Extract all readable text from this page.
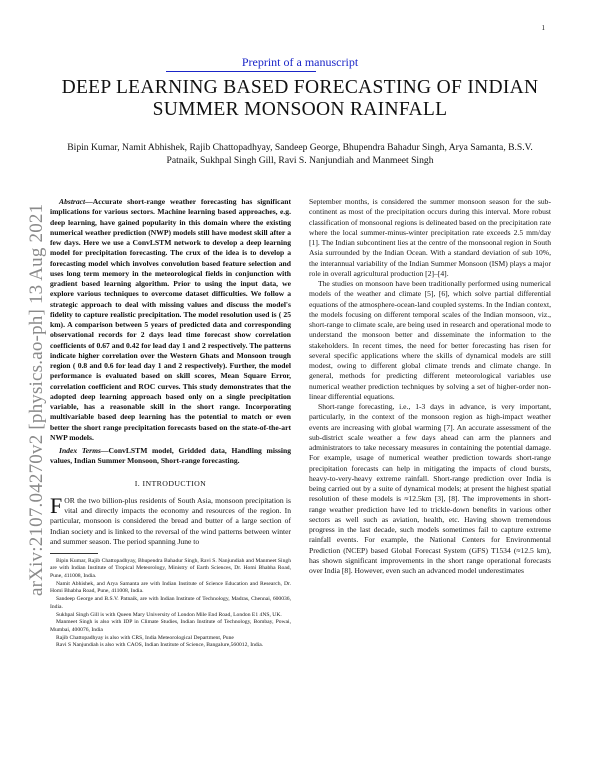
1
arXiv:2107.04270v2 [physics.ao-ph] 13 Aug 2021
Preprint of a manuscript
DEEP LEARNING BASED FORECASTING OF INDIAN SUMMER MONSOON RAINFALL
Bipin Kumar, Namit Abhishek, Rajib Chattopadhyay, Sandeep George, Bhupendra Bahadur Singh, Arya Samanta, B.S.V. Patnaik, Sukhpal Singh Gill, Ravi S. Nanjundiah and Manmeet Singh

Abstract—Accurate short-range weather forecasting has significant implications for various sectors. Machine learning based approaches, e.g. deep learning, have gained popularity in this domain where the existing numerical weather prediction (NWP) models still have modest skill after a few days. Here we use a ConvLSTM network to develop a deep learning model for precipitation forecasting. The crux of the idea is to develop a forecasting model which involves convolution based feature selection and uses long term memory in the meteorological fields in conjunction with gradient based learning algorithm. Prior to using the input data, we explore various techniques to overcome dataset difficulties. We follow a strategic approach to deal with missing values and discuss the model's fidelity to capture realistic precipitation. The model resolution used is ( 25 km). A comparison between 5 years of predicted data and corresponding observational records for 2 days lead time forecast show correlation coefficients of 0.67 and 0.42 for lead day 1 and 2 respectively. The patterns indicate higher correlation over the Western Ghats and Monsoon trough region ( 0.8 and 0.6 for lead day 1 and 2 respectively). Further, the model performance is evaluated based on skill scores, Mean Square Error, correlation coefficient and ROC curves. This study demonstrates that the adopted deep learning approach based only on a single precipitation variable, has a reasonable skill in the short range. Incorporating multivariable based deep learning has the potential to match or even better the short range precipitation forecasts based on the state-of-the-art NWP models.

Index Terms—ConvLSTM model, Gridded data, Handling missing values, Indian Summer Monsoon, Short-range forecasting.

I. INTRODUCTION

FOR the two billion-plus residents of South Asia, monsoon precipitation is vital and directly impacts the economy and resources of the region. In particular, monsoon is considered the bread and butter of a large section of Indian society and is linked to the reversal of the wind patterns between winter and summer season. The period spanning June to

Bipin Kumar, Rajib Chattopadhyay, Bhupendra Bahadur Singh, Ravi S. Nanjundiah and Manmeet Singh are with Indian Institute of Tropical Meteorology, Ministry of Earth Sciences, Dr. Homi Bhabha Road, Pune, 411008, India.

Namit Abhishek, and Arya Samanta are with Indian Institute of Science Education and Research, Dr. Homi Bhabha Road, Pune, 411008, India.

Sandeep George and B.S.V. Patnaik, are with Indian Institute of Technology, Madras, Chennai, 600036, India.

Sukhpal Singh Gill is with Queen Mary University of London Mile End Road, London E1 4NS, UK.

Manmeet Singh is also with IDP in Climate Studies, Indian Institute of Technology, Bombay, Powai, Mumbai, 400076, India

Rajib Chattopadhyay is also with CRS, India Meteorological Department, Pune

Ravi S Nanjundiah is also with CAOS, Indian Institute of Science, Bangalure,560012, India.

September months, is considered the summer monsoon season for the sub-continent as most of the precipitation occurs during this interval. More robust classification of monsoonal regions is delineated based on the precipitation rate where the local summer-minus-winter precipitation rate exceeds 2.5 mm/day [1]. The Indian subcontinent lies at the centre of the monsoonal region in South Asia surrounded by the Indian Ocean. With a standard deviation of sub 10%, the interannual variability of the Indian Summer Monsoon (ISM) plays a major role in overall agricultural production [2]–[4].

The studies on monsoon have been traditionally performed using numerical models of the weather and climate [5], [6], which solve partial differential equations of the atmosphere-ocean-land coupled systems. In the Indian context, the models focusing on different temporal scales of the Indian monsoon, viz., short-range to climate scale, are being used in research and operational mode to understand the monsoon better and disseminate the information to the stakeholders. In recent times, the need for better forecasting has risen for several specific applications where the skills of dynamical models are still modest, owing to different global climate trends and climate change. In general, methods for predicting different meteorological variables use numerical weather prediction techniques by solving a set of higher-order non-linear differential equations.

Short-range forecasting, i.e., 1-3 days in advance, is very important, particularly, in the context of the monsoon region as high-impact weather events are increasing with global warming [7]. An accurate assessment of the sub-district scale weather a few days ahead can arm the planners and administrators to take necessary measures in containing the potential damage. For example, usage of numerical weather prediction towards short-range precipitation forecasts can help in mitigating the impacts of cloud bursts, heavy-to-very-heavy extreme rainfall. Short-range prediction over India is being carried out by a suite of dynamical models; at present the highest spatial resolution of these models is ≈12.5km [3], [8]. The improvements in short-range weather prediction have led to trickle-down benefits in various other sectors as well such as aviation, health, etc. Having shown tremendous progress in the last decade, such models sometimes fail to capture extreme rainfall events. For example, the National Centers for Environmental Prediction (NCEP) based Global Forecast System (GFS) T1534 (≈12.5 km), has shown significant improvements in the short range operational forecasts over India [8]. However, even such an advanced model underestimates
